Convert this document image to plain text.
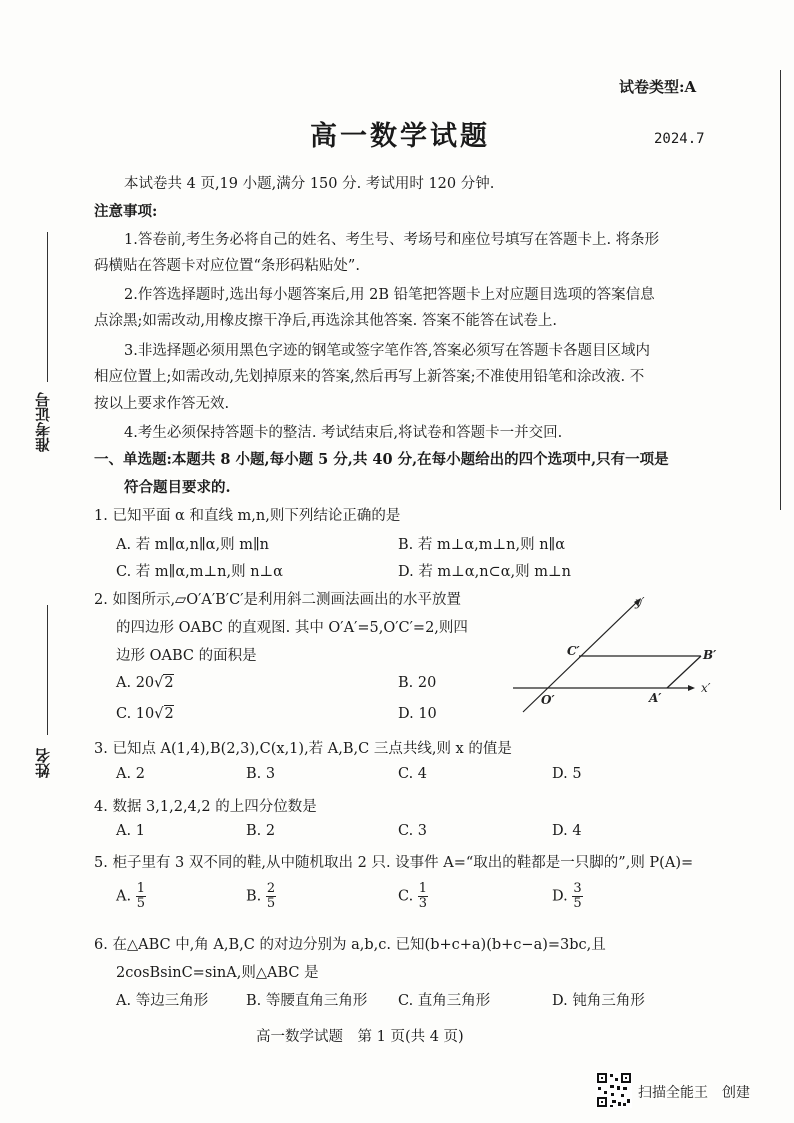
试卷类型:A
高一数学试题	2024.7
准考证号
姓名
本试卷共 4 页,19 小题,满分 150 分. 考试用时 120 分钟.
注意事项:
1.答卷前,考生务必将自己的姓名、考生号、考场号和座位号填写在答题卡上. 将条形
码横贴在答题卡对应位置“条形码粘贴处”.
2.作答选择题时,选出每小题答案后,用 2B 铅笔把答题卡上对应题目选项的答案信息
点涂黑;如需改动,用橡皮擦干净后,再选涂其他答案. 答案不能答在试卷上.
3.非选择题必须用黑色字迹的钢笔或签字笔作答,答案必须写在答题卡各题目区域内
相应位置上;如需改动,先划掉原来的答案,然后再写上新答案;不准使用铅笔和涂改液. 不
按以上要求作答无效.
4.考生必须保持答题卡的整洁. 考试结束后,将试卷和答题卡一并交回.
一、单选题:本题共 8 小题,每小题 5 分,共 40 分,在每小题给出的四个选项中,只有一项是
符合题目要求的.
1. 已知平面 α 和直线 m,n,则下列结论正确的是
A. 若 m∥α,n∥α,则 m∥n	B. 若 m⊥α,m⊥n,则 n∥α
C. 若 m∥α,m⊥n,则 n⊥α	D. 若 m⊥α,n⊂α,则 m⊥n
2. 如图所示,▱O′A′B′C′是利用斜二测画法画出的水平放置
的四边形 OABC 的直观图. 其中 O′A′=5,O′C′=2,则四
边形 OABC 的面积是
A. 20√2	B. 20
C. 10√2	D. 10
y′
x′
O′	A′
B′
C′
3. 已知点 A(1,4),B(2,3),C(x,1),若 A,B,C 三点共线,则 x 的值是
A. 2	B. 3	C. 4	D. 5
4. 数据 3,1,2,4,2 的上四分位数是
A. 1	B. 2	C. 3	D. 4
5. 柜子里有 3 双不同的鞋,从中随机取出 2 只. 设事件 A=“取出的鞋都是一只脚的”,则 P(A)=
A. $\frac{1}{5}$	B. $\frac{2}{5}$	C. $\frac{1}{3}$	D. $\frac{3}{5}$
6. 在△ABC 中,角 A,B,C 的对边分别为 a,b,c. 已知(b+c+a)(b+c−a)=3bc,且
2cosBsinC=sinA,则△ABC 是
A. 等边三角形	B. 等腰直角三角形 C. 直角三角形	D. 钝角三角形
高一数学试题　第 1 页(共 4 页)
扫描全能王　创建
